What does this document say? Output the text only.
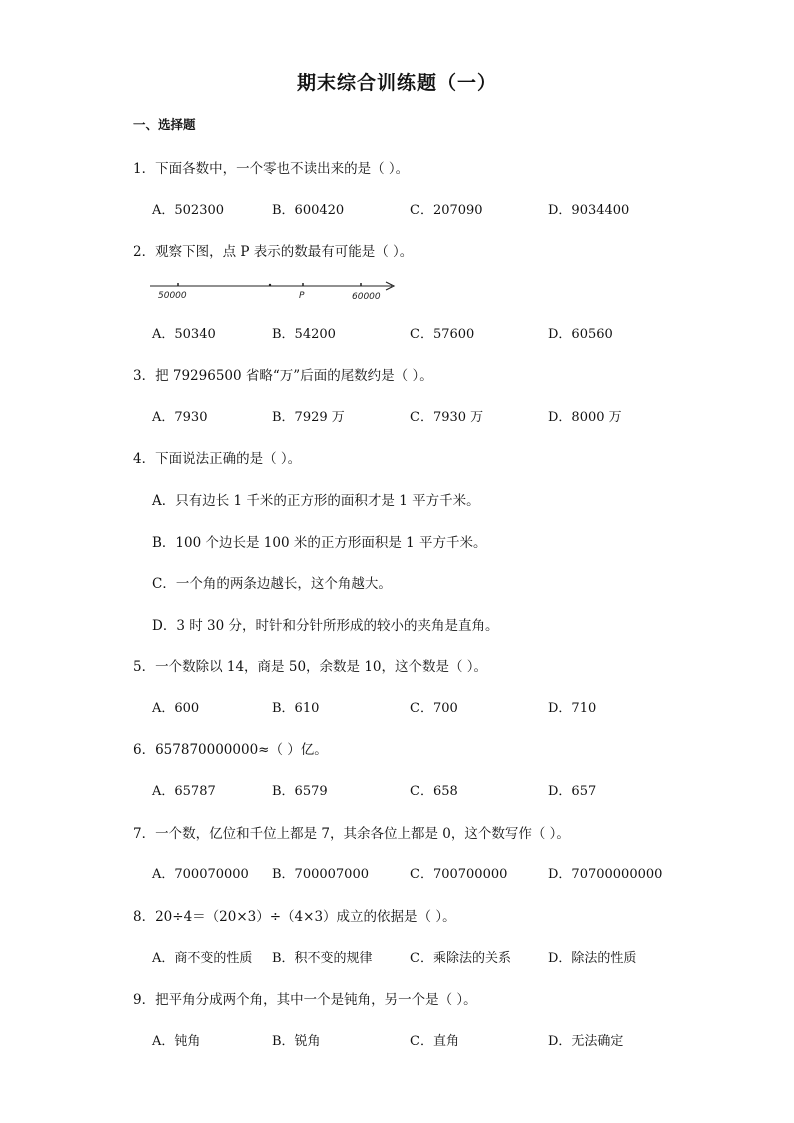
期末综合训练题（一）
一、选择题
1．下面各数中，一个零也不读出来的是（ ）。
A．502300	B．600420	C．207090	D．9034400
2．观察下图，点 P 表示的数最有可能是（ ）。
50000	P	60000
A．50340	B．54200	C．57600	D．60560
3．把 79296500 省略“万”后面的尾数约是（ ）。
A．7930	B．7929 万	C．7930 万	D．8000 万
4．下面说法正确的是（ ）。
A．只有边长 1 千米的正方形的面积才是 1 平方千米。
B．100 个边长是 100 米的正方形面积是 1 平方千米。
C．一个角的两条边越长，这个角越大。
D．3 时 30 分，时针和分针所形成的较小的夹角是直角。
5．一个数除以 14，商是 50，余数是 10，这个数是（ ）。
A．600	B．610	C．700	D．710
6．657870000000≈（ ）亿。
A．65787	B．6579	C．658	D．657
7．一个数，亿位和千位上都是 7，其余各位上都是 0，这个数写作（ ）。
A．700070000 B．700007000	C．700700000	D．70700000000
8．20÷4＝（20×3）÷（4×3）成立的依据是（ ）。
A．商不变的性质 B．积不变的规律	C．乘除法的关系	D．除法的性质
9．把平角分成两个角，其中一个是钝角，另一个是（ ）。
A．钝角	B．锐角	C．直角	D．无法确定
